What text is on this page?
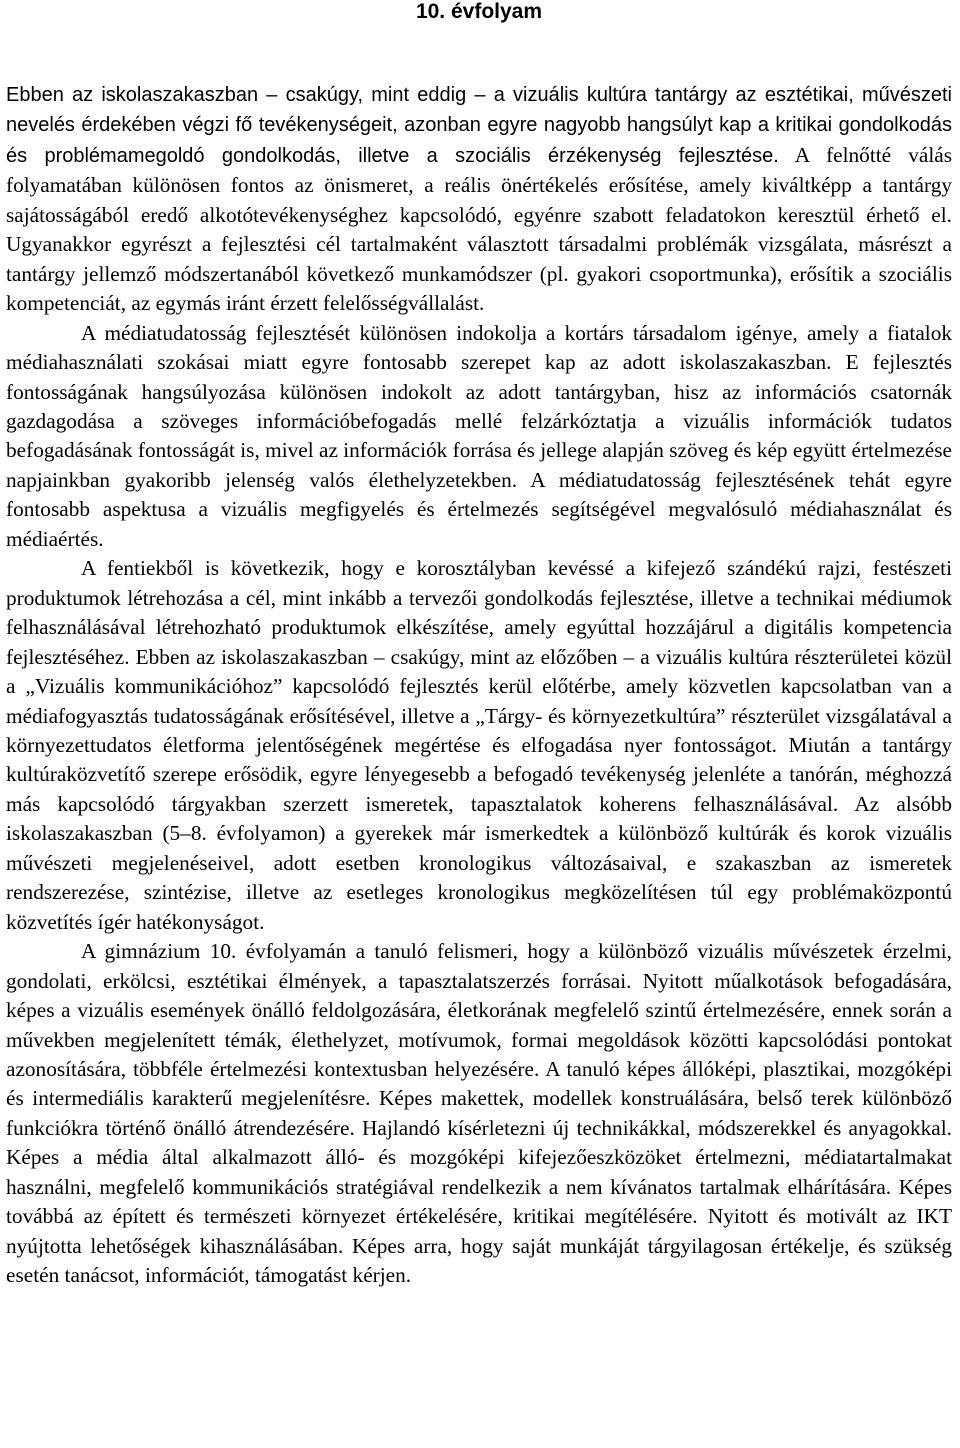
10. évfolyam

Ebben az iskolaszakaszban – csakúgy, mint eddig – a vizuális kultúra tantárgy az esztétikai, művészeti nevelés érdekében végzi fő tevékenységeit, azonban egyre nagyobb hangsúlyt kap a kritikai gondolkodás és problémamegoldó gondolkodás, illetve a szociális érzékenység fejlesztése. A felnőtté válás folyamatában különösen fontos az önismeret, a reális önértékelés erősítése, amely kiváltképp a tantárgy sajátosságából eredő alkotótevékenységhez kapcsolódó, egyénre szabott feladatokon keresztül érhető el. Ugyanakkor egyrészt a fejlesztési cél tartalmaként választott társadalmi problémák vizsgálata, másrészt a tantárgy jellemző módszertanából következő munkamódszer (pl. gyakori csoportmunka), erősítik a szociális kompetenciát, az egymás iránt érzett felelősségvállalást.

A médiatudatosság fejlesztését különösen indokolja a kortárs társadalom igénye, amely a fiatalok médiahasználati szokásai miatt egyre fontosabb szerepet kap az adott iskolaszakaszban. E fejlesztés fontosságának hangsúlyozása különösen indokolt az adott tantárgyban, hisz az információs csatornák gazdagodása a szöveges információbefogadás mellé felzárkóztatja a vizuális információk tudatos befogadásának fontosságát is, mivel az információk forrása és jellege alapján szöveg és kép együtt értelmezése napjainkban gyakoribb jelenség valós élethelyzetekben. A médiatudatosság fejlesztésének tehát egyre fontosabb aspektusa a vizuális megfigyelés és értelmezés segítségével megvalósuló médiahasználat és médiaértés.

A fentiekből is következik, hogy e korosztályban kevéssé a kifejező szándékú rajzi, festészeti produktumok létrehozása a cél, mint inkább a tervezői gondolkodás fejlesztése, illetve a technikai médiumok felhasználásával létrehozható produktumok elkészítése, amely egyúttal hozzájárul a digitális kompetencia fejlesztéséhez. Ebben az iskolaszakaszban – csakúgy, mint az előzőben – a vizuális kultúra részterületei közül a „Vizuális kommunikációhoz” kapcsolódó fejlesztés kerül előtérbe, amely közvetlen kapcsolatban van a médiafogyasztás tudatosságának erősítésével, illetve a „Tárgy- és környezetkultúra” részterület vizsgálatával a környezettudatos életforma jelentőségének megértése és elfogadása nyer fontosságot. Miután a tantárgy kultúraközvetítő szerepe erősödik, egyre lényegesebb a befogadó tevékenység jelenléte a tanórán, méghozzá más kapcsolódó tárgyakban szerzett ismeretek, tapasztalatok koherens felhasználásával. Az alsóbb iskolaszakaszban (5–8. évfolyamon) a gyerekek már ismerkedtek a különböző kultúrák és korok vizuális művészeti megjelenéseivel, adott esetben kronologikus változásaival, e szakaszban az ismeretek rendszerezése, szintézise, illetve az esetleges kronologikus megközelítésen túl egy problémaközpontú közvetítés ígér hatékonyságot.

A gimnázium 10. évfolyamán a tanuló felismeri, hogy a különböző vizuális művészetek érzelmi, gondolati, erkölcsi, esztétikai élmények, a tapasztalatszerzés forrásai. Nyitott műalkotások befogadására, képes a vizuális események önálló feldolgozására, életkorának megfelelő szintű értelmezésére, ennek során a művekben megjelenített témák, élethelyzet, motívumok, formai megoldások közötti kapcsolódási pontokat azonosítására, többféle értelmezési kontextusban helyezésére. A tanuló képes állóképi, plasztikai, mozgóképi és intermediális karakterű megjelenítésre. Képes makettek, modellek konstruálására, belső terek különböző funkciókra történő önálló átrendezésére. Hajlandó kísérletezni új technikákkal, módszerekkel és anyagokkal. Képes a média által alkalmazott álló- és mozgóképi kifejezőeszközöket értelmezni, médiatartalmakat használni, megfelelő kommunikációs stratégiával rendelkezik a nem kívánatos tartalmak elhárítására. Képes továbbá az épített és természeti környezet értékelésére, kritikai megítélésére. Nyitott és motivált az IKT nyújtotta lehetőségek kihasználásában. Képes arra, hogy saját munkáját tárgyilagosan értékelje, és szükség esetén tanácsot, információt, támogatást kérjen.
